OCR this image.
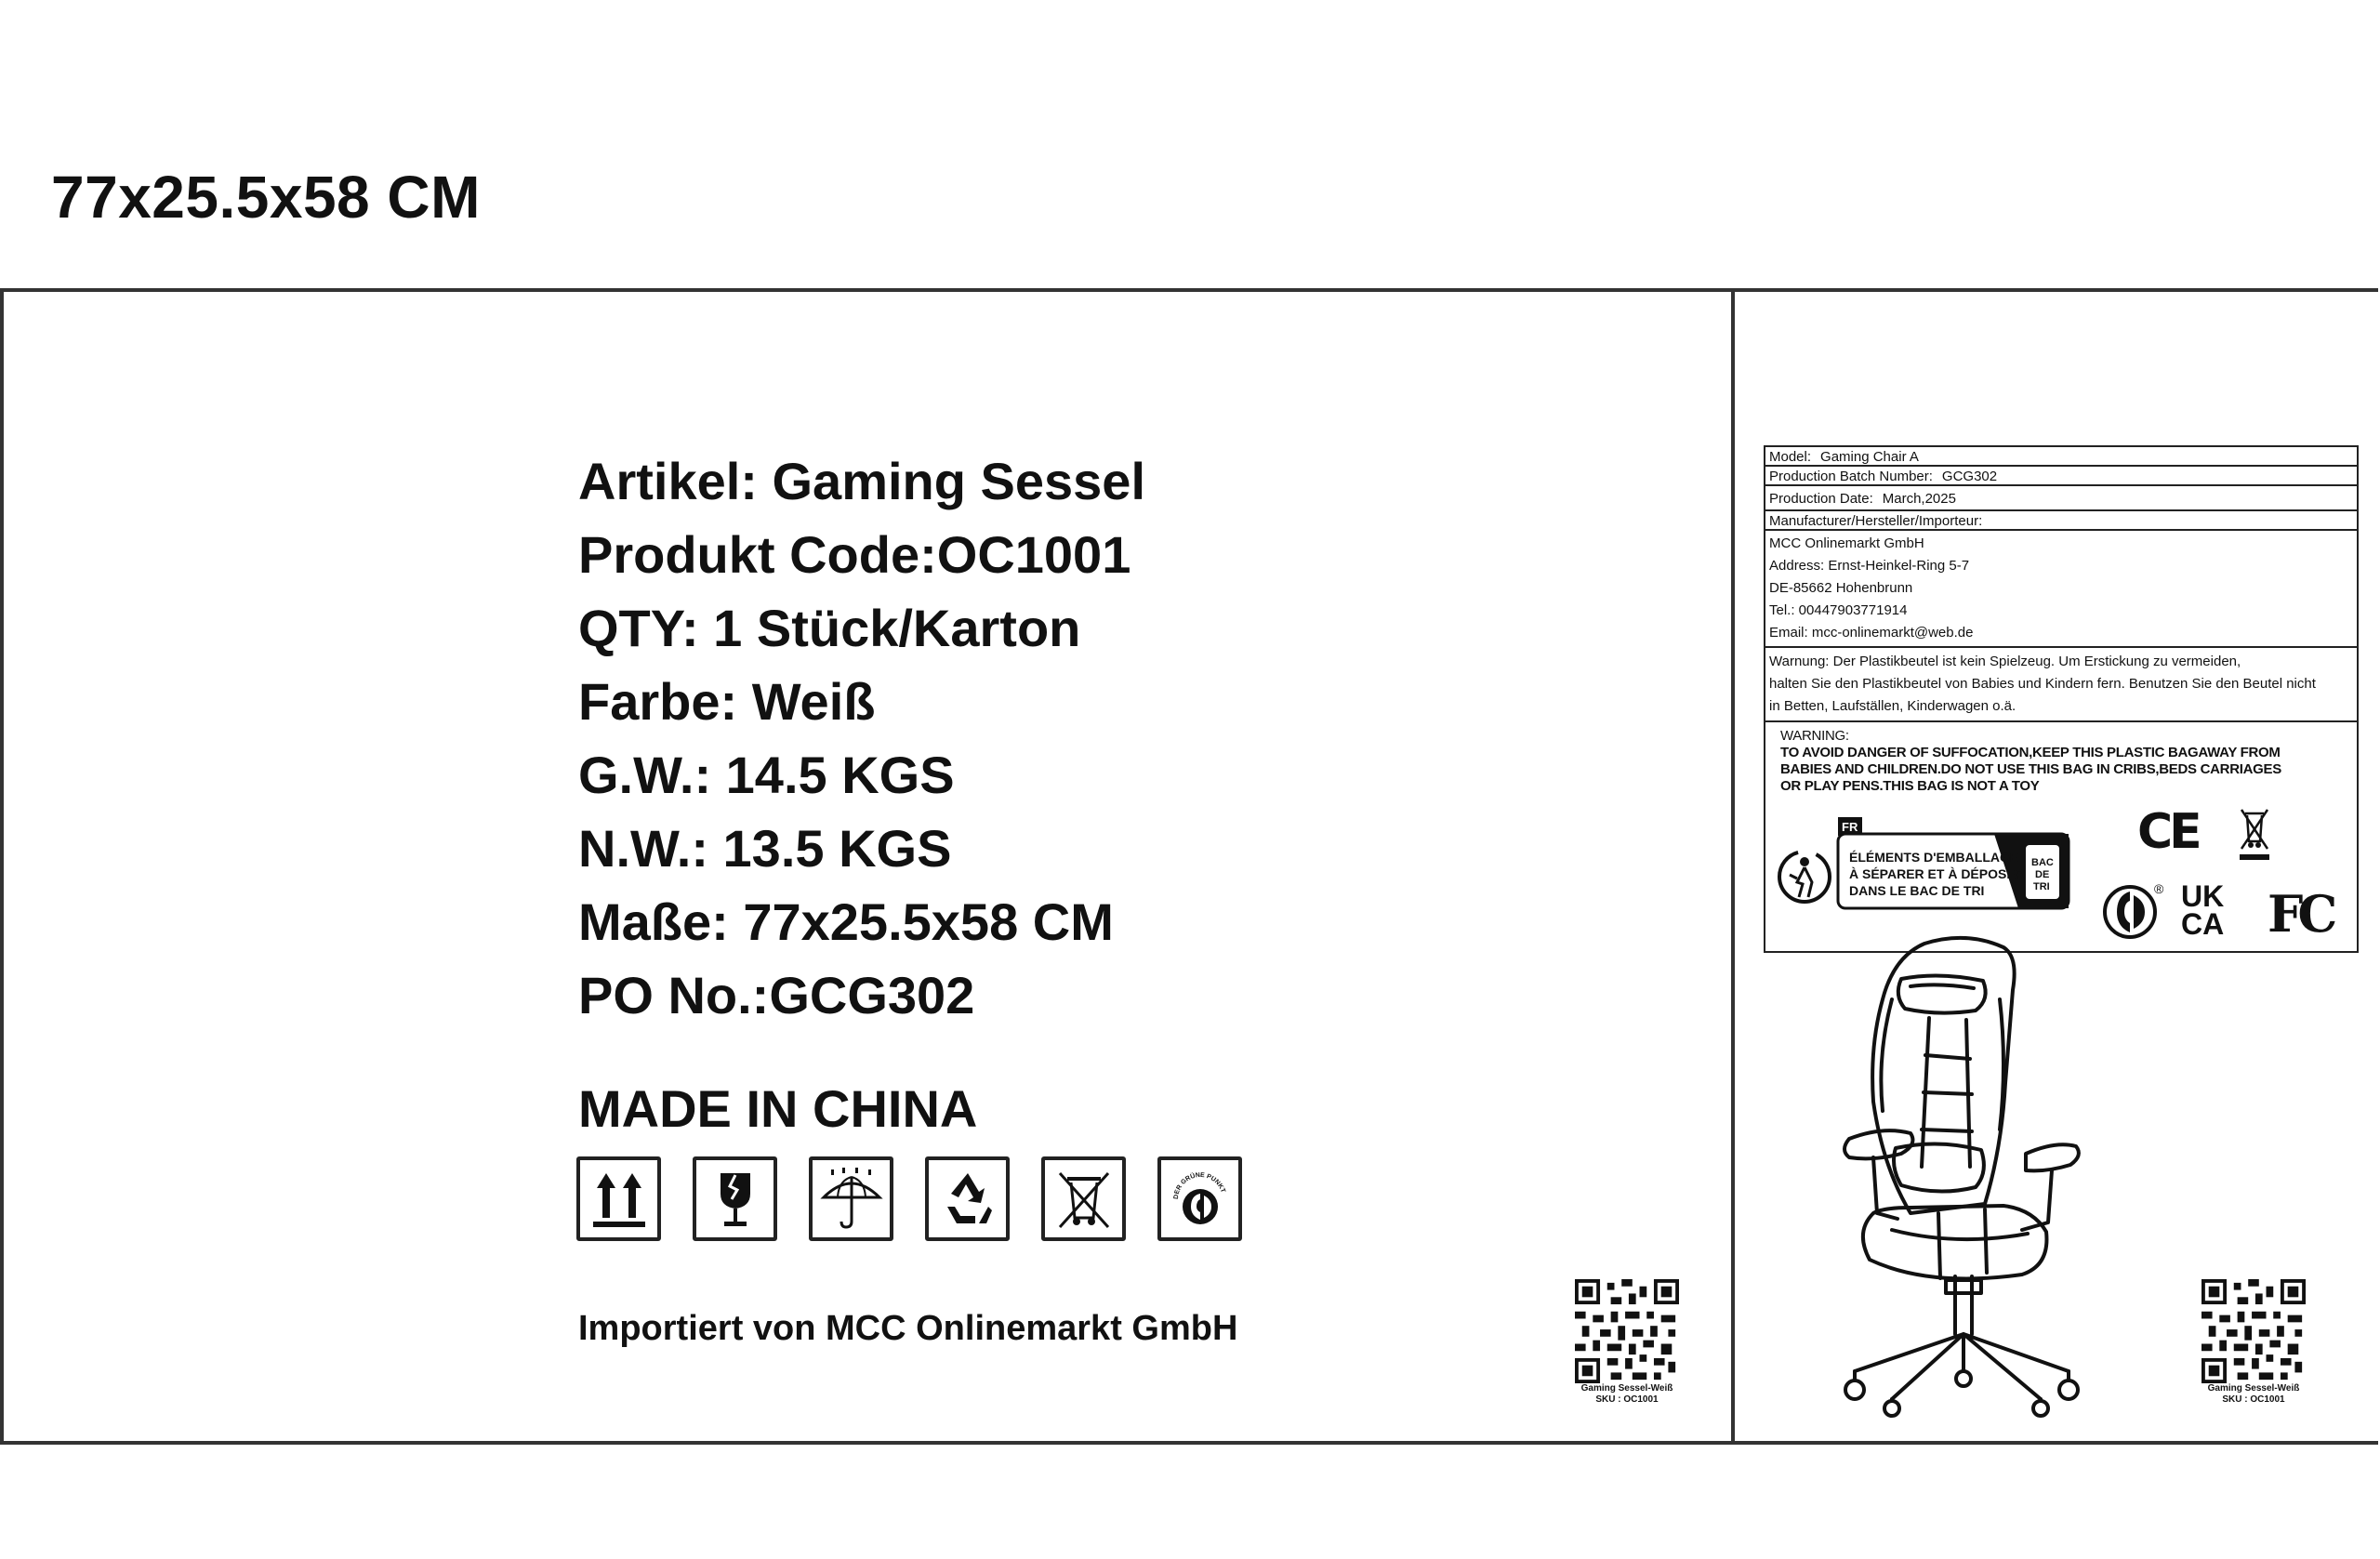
77x25.5x58 CM
Artikel: Gaming Sessel
Produkt Code:OC1001
QTY: 1 Stück/Karton
Farbe: Weiß
G.W.: 14.5 KGS
N.W.: 13.5 KGS
Maße: 77x25.5x58 CM
PO No.:GCG302
MADE IN CHINA
DER GRÜNE PUNKT
Importiert von MCC Onlinemarkt GmbH
Gaming Sessel-Weiß
SKU : OC1001
Model: Gaming Chair A
Production Batch Number: GCG302
Production Date: March,2025
Manufacturer/Hersteller/Importeur:
MCC Onlinemarkt GmbH
Address: Ernst-Heinkel-Ring 5-7
DE-85662 Hohenbrunn
Tel.: 00447903771914
Email: mcc-onlinemarkt@web.de
Warnung: Der Plastikbeutel ist kein Spielzeug. Um Erstickung zu vermeiden,
halten Sie den Plastikbeutel von Babies und Kindern fern. Benutzen Sie den Beutel nicht
in Betten, Laufställen, Kinderwagen o.ä.
WARNING:
TO AVOID DANGER OF SUFFOCATION,KEEP THIS PLASTIC BAGAWAY FROM
BABIES AND CHILDREN.DO NOT USE THIS BAG IN CRIBS,BEDS CARRIAGES
OR PLAY PENS.THIS BAG IS NOT A TOY
FR
ÉLÉMENTS D'EMBALLAGE
À SÉPARER ET À DÉPOSER
DANS LE BAC DE TRI
BAC
DE
TRI
CE
® UK
CA FC
Gaming Sessel-Weiß
SKU : OC1001
